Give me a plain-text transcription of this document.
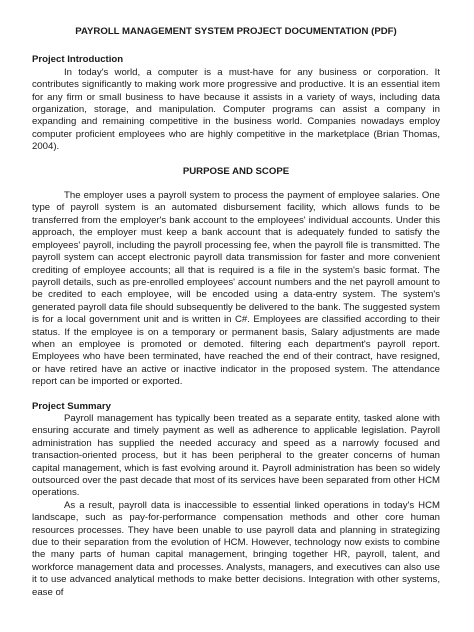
PAYROLL MANAGEMENT SYSTEM PROJECT DOCUMENTATION (PDF)
Project Introduction

In today's world, a computer is a must-have for any business or corporation. It contributes significantly to making work more progressive and productive. It is an essential item for any firm or small business to have because it assists in a variety of ways, including data organization, storage, and manipulation. Computer programs can assist a company in expanding and remaining competitive in the business world. Companies nowadays employ computer proficient employees who are highly competitive in the marketplace (Brian Thomas, 2004).

PURPOSE AND SCOPE

The employer uses a payroll system to process the payment of employee salaries. One type of payroll system is an automated disbursement facility, which allows funds to be transferred from the employer's bank account to the employees' individual accounts. Under this approach, the employer must keep a bank account that is adequately funded to satisfy the employees' payroll, including the payroll processing fee, when the payroll file is transmitted. The payroll system can accept electronic payroll data transmission for faster and more convenient crediting of employee accounts; all that is required is a file in the system's basic format. The payroll details, such as pre-enrolled employees' account numbers and the net payroll amount to be credited to each employee, will be encoded using a data-entry system. The system's generated payroll data file should subsequently be delivered to the bank. The suggested system is for a local government unit and is written in C#. Employees are classified according to their status. If the employee is on a temporary or permanent basis, Salary adjustments are made when an employee is promoted or demoted. filtering each department's payroll report. Employees who have been terminated, have reached the end of their contract, have resigned, or have retired have an active or inactive indicator in the proposed system. The attendance report can be imported or exported.

Project Summary

Payroll management has typically been treated as a separate entity, tasked alone with ensuring accurate and timely payment as well as adherence to applicable legislation. Payroll administration has supplied the needed accuracy and speed as a narrowly focused and transaction-oriented process, but it has been peripheral to the greater concerns of human capital management, which is fast evolving around it. Payroll administration has been so widely outsourced over the past decade that most of its services have been separated from other HCM operations.

As a result, payroll data is inaccessible to essential linked operations in today's HCM landscape, such as pay-for-performance compensation methods and other core human resources processes. They have been unable to use payroll data and planning in strategizing due to their separation from the evolution of HCM. However, technology now exists to combine the many parts of human capital management, bringing together HR, payroll, talent, and workforce management data and processes. Analysts, managers, and executives can also use it to use advanced analytical methods to make better decisions. Integration with other systems, ease of
